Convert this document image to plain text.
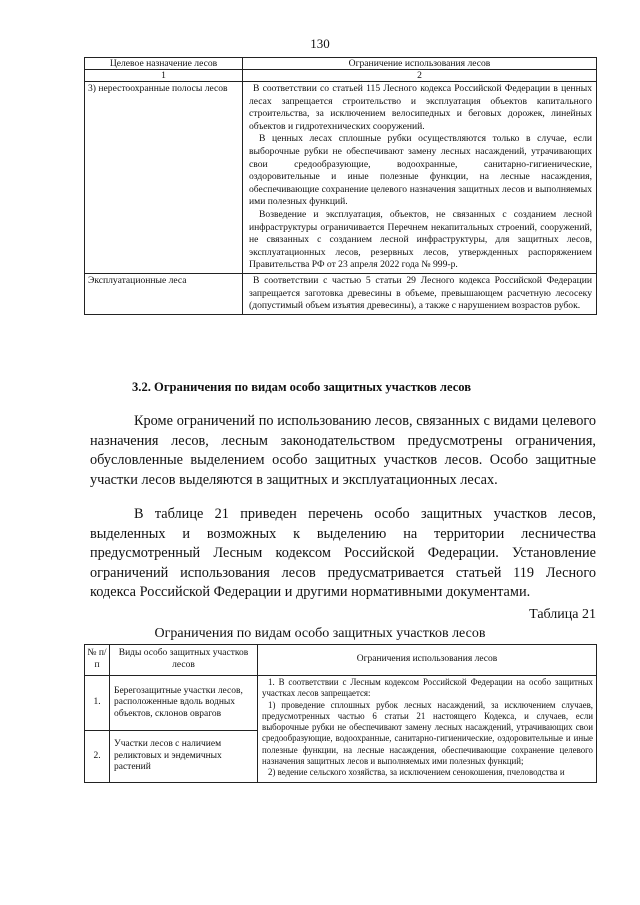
130
Целевое назначение лесов	Ограничение использования лесов
1	2
3) нерестоохранные полосы лесов	В соответствии со статьей 115 Лесного кодекса Российской Федерации в ценных лесах запрещается строительство и эксплуатация объектов капитального строительства, за исключением велосипедных и беговых дорожек, линейных объектов и гидротехнических сооружений.

В ценных лесах сплошные рубки осуществляются только в случае, если выборочные рубки не обеспечивают замену лесных насаждений, утрачивающих свои средообразующие, водоохранные, санитарно-гигиенические, оздоровительные и иные полезные функции, на лесные насаждения, обеспечивающие сохранение целевого назначения защитных лесов и выполняемых ими полезных функций.

Возведение и эксплуатация, объектов, не связанных с созданием лесной инфраструктуры ограничивается Перечнем некапитальных строений, сооружений, не связанных с созданием лесной инфраструктуры, для защитных лесов, эксплуатационных лесов, резервных лесов, утвержденных распоряжением Правительства РФ от 23 апреля 2022 года № 999-р.

Эксплуатационные леса	В соответствии с частью 5 статьи 29 Лесного кодекса Российской Федерации запрещается заготовка древесины в объеме, превышающем расчетную лесосеку (допустимый объем изъятия древесины), а также с нарушением возрастов рубок.

3.2. Ограничения по видам особо защитных участков лесов

Кроме ограничений по использованию лесов, связанных с видами целевого назначения лесов, лесным законодательством предусмотрены ограничения, обусловленные выделением особо защитных участков лесов. Особо защитные участки лесов выделяются в защитных и эксплуатационных лесах.

В таблице 21 приведен перечень особо защитных участков лесов, выделенных и возможных к выделению на территории лесничества предусмотренный Лесным кодексом Российской Федерации. Установление ограничений использования лесов предусматривается статьей 119 Лесного кодекса Российской Федерации и другими нормативными документами.

Таблица 21
Ограничения по видам особо защитных участков лесов
№ п/п	Виды особо защитных участков лесов	Ограничения использования лесов
1.	Берегозащитные участки лесов, расположенные вдоль водных объектов, склонов оврагов	1. В соответствии с Лесным кодексом Российской Федерации на особо защитных участках лесов запрещается:

1) проведение сплошных рубок лесных насаждений, за исключением случаев, предусмотренных частью 6 статьи 21 настоящего Кодекса, и случаев, если выборочные рубки не обеспечивают замену лесных насаждений, утрачивающих свои средообразующие, водоохранные, санитарно-гигиенические, оздоровительные и иные полезные функции, на лесные насаждения, обеспечивающие сохранение целевого назначения защитных лесов и выполняемых ими полезных функций;

2) ведение сельского хозяйства, за исключением сенокошения, пчеловодства и

2.	Участки лесов с наличием реликтовых и эндемичных растений	
